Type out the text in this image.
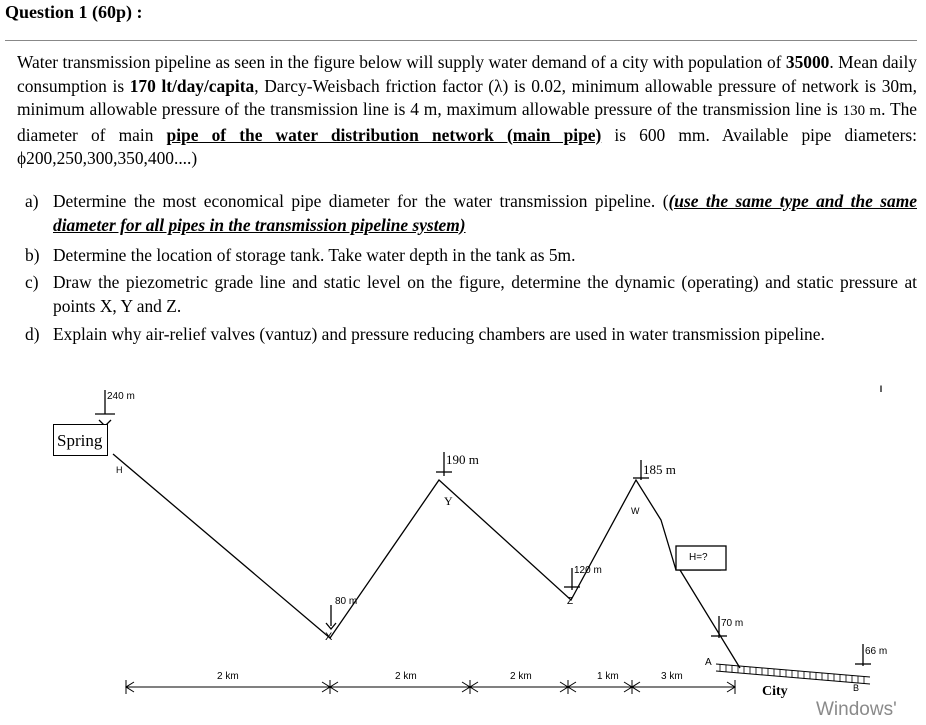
Question 1 (60p) :
Water transmission pipeline as seen in the figure below will supply water demand of a city with population of 35000. Mean daily consumption is 170 lt/day/capita, Darcy-Weisbach friction factor (λ) is 0.02, minimum allowable pressure of network is 30m, minimum allowable pressure of the transmission line is 4 m, maximum allowable pressure of the transmission line is 130 m. The diameter of main pipe of the water distribution network (main pipe) is 600 mm. Available pipe diameters: ϕ200,250,300,350,400....)
a) Determine the most economical pipe diameter for the water transmission pipeline. ((use the same type and the same diameter for all pipes in the transmission pipeline system)
b) Determine the location of storage tank. Take water depth in the tank as 5m.
c) Draw the piezometric grade line and static level on the figure, determine the dynamic (operating) and static pressure at points X, Y and Z.
d) Explain why air-relief valves (vantuz) and pressure reducing chambers are used in water transmission pipeline.
Spring
240 m
H
80 m
X
190 m
Y
120 m
Z
185 m
W
H=?
70 m
A
66 m
B
City
2 km	2 km	2 km	1 km	3 km
-
Windows'
